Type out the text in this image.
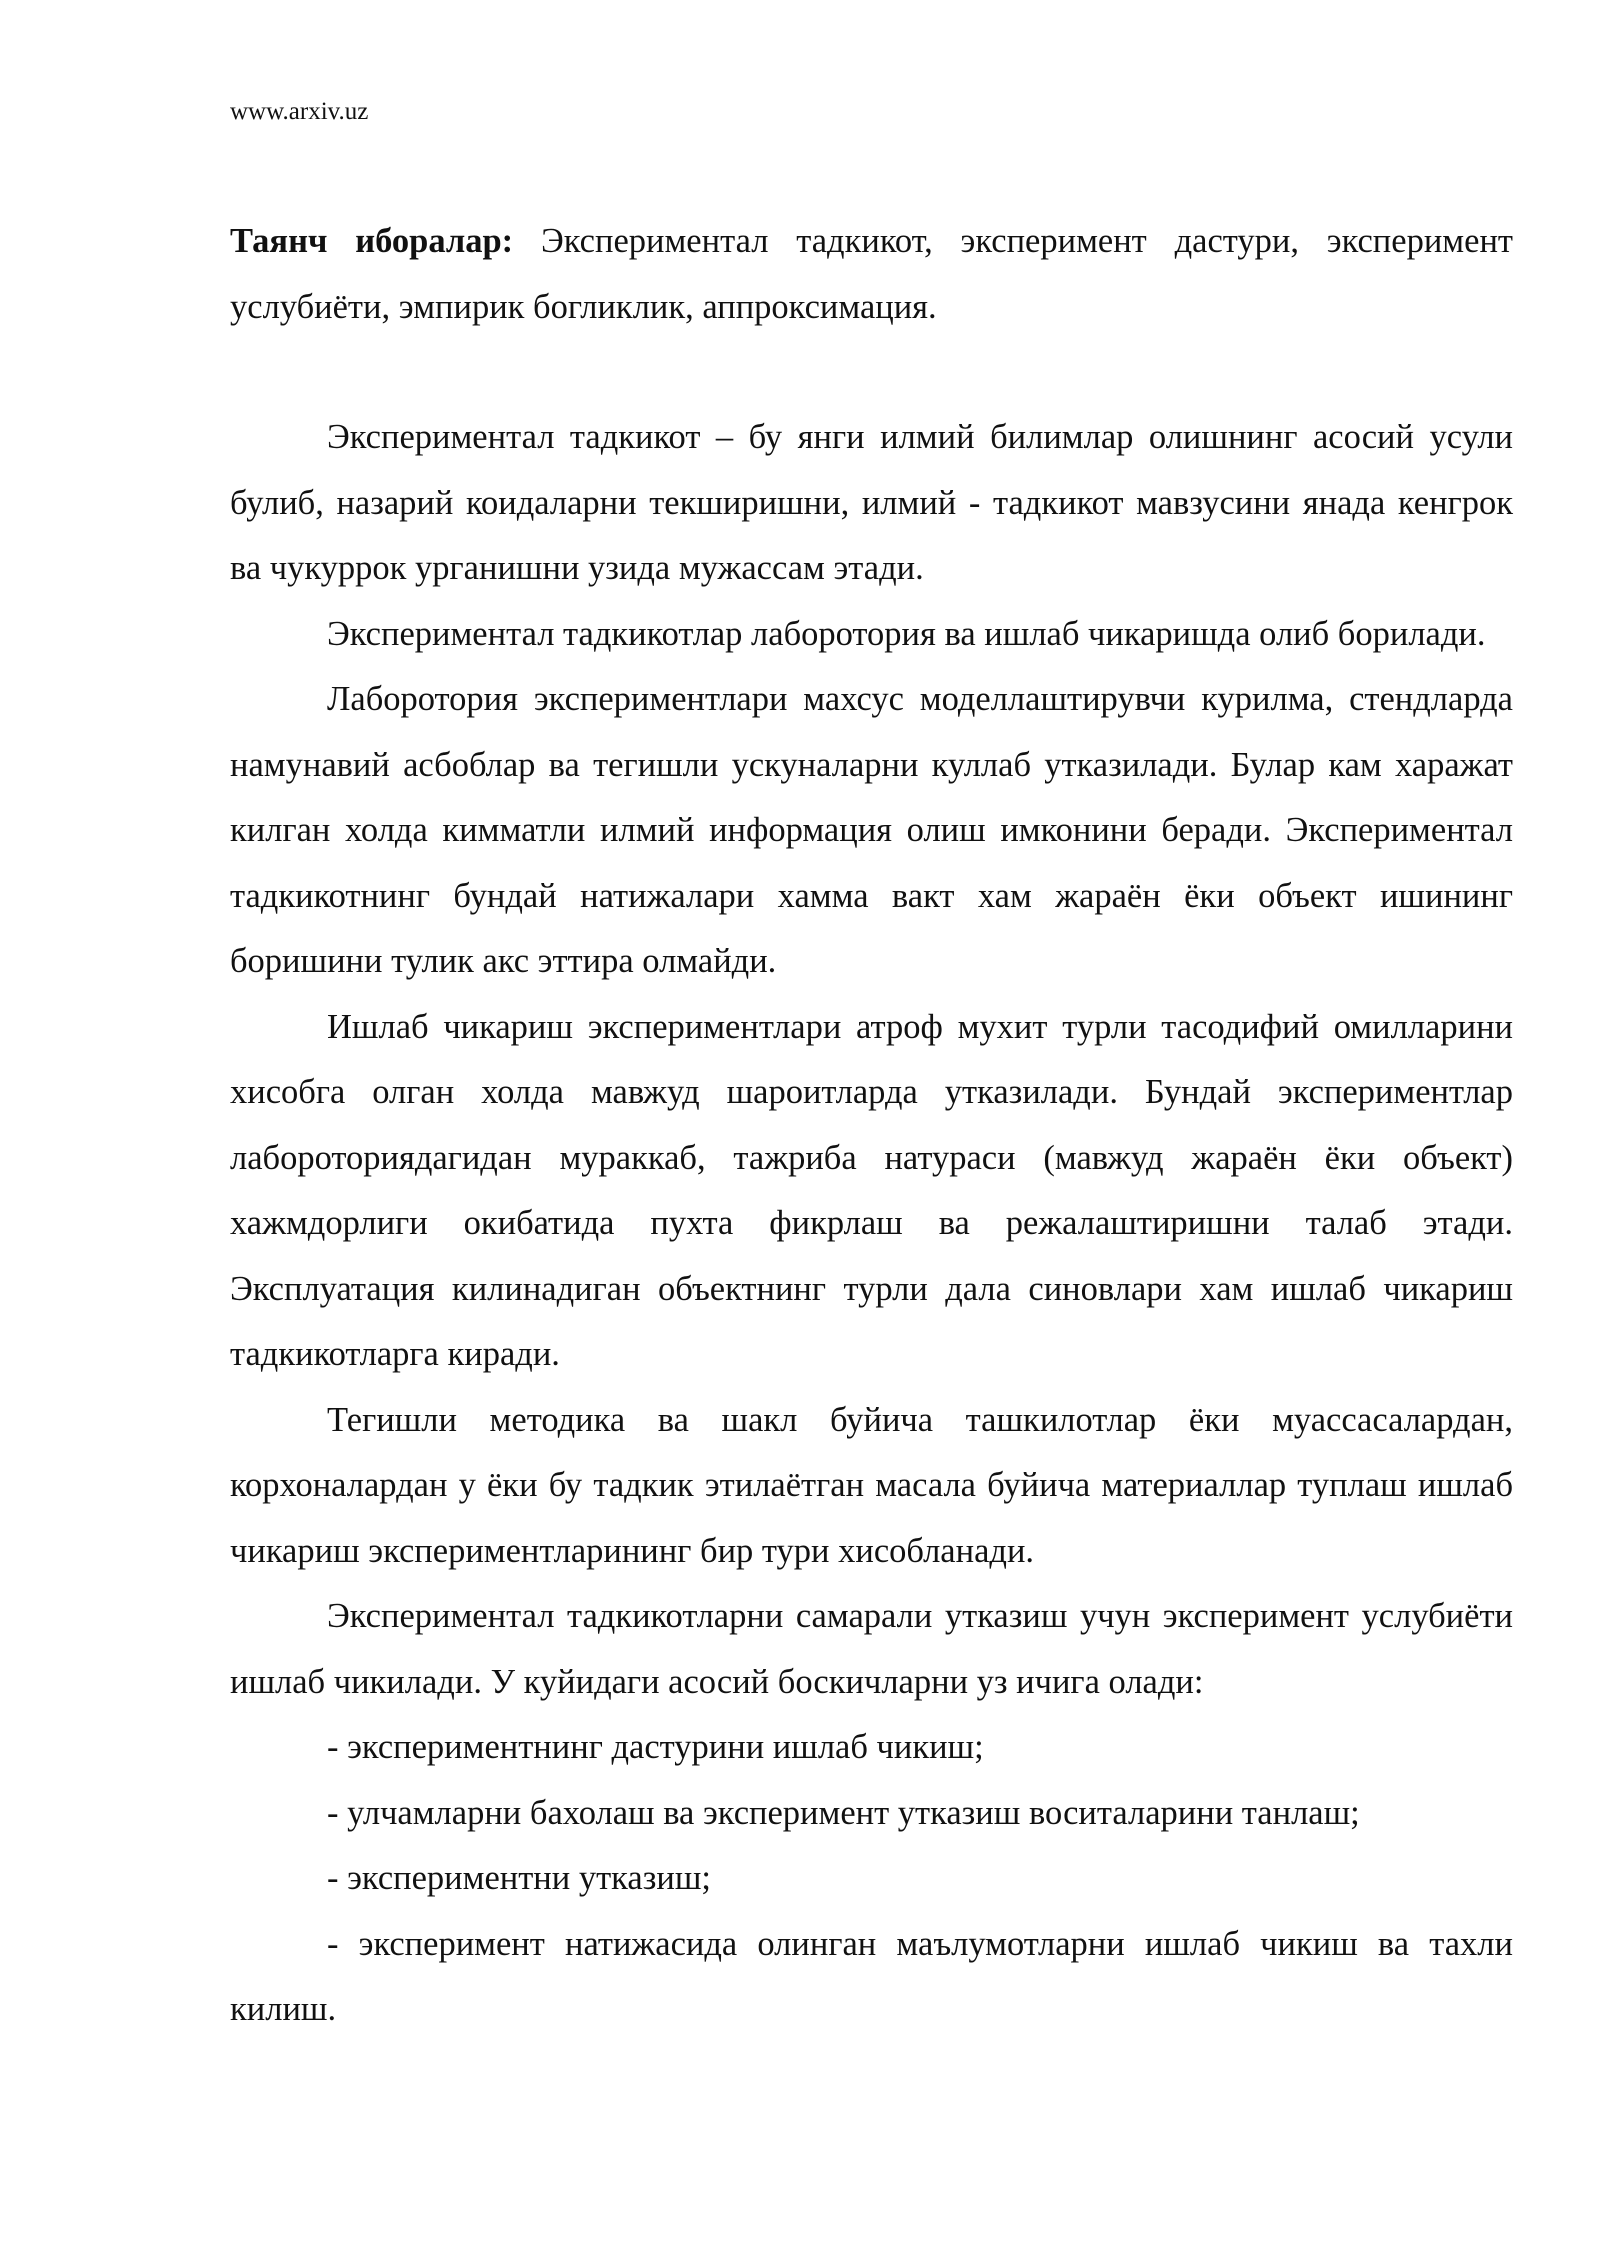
www.arxiv.uz

Таянч иборалар: Экспериментал тадкикот, эксперимент дастури, эксперимент услубиёти, эмпирик богликлик, аппроксимация.

Экспериментал тадкикот – бу янги илмий билимлар олишнинг асосий усули булиб, назарий коидаларни текширишни, илмий - тадкикот мавзусини янада кенгрок ва чукуррок урганишни узида мужассам этади.

Экспериментал тадкикотлар лаборотория ва ишлаб чикаришда олиб борилади.

Лаборотория экспериментлари махсус моделлаштирувчи курилма, стендларда намунавий асбоблар ва тегишли ускуналарни куллаб утказилади. Булар кам харажат килган холда кимматли илмий информация олиш имконини беради. Экспериментал тадкикотнинг бундай натижалари хамма вакт хам жараён ёки объект ишининг боришини тулик акс эттира олмайди.

Ишлаб чикариш экспериментлари атроф мухит турли тасодифий омилларини хисобга олган холда мавжуд шароитларда утказилади. Бундай экспериментлар лабороториядагидан мураккаб, тажриба натураси (мавжуд жараён ёки объект) хажмдорлиги окибатида пухта фикрлаш ва режалаштиришни талаб этади. Эксплуатация килинадиган объектнинг турли дала синовлари хам ишлаб чикариш тадкикотларга киради.

Тегишли методика ва шакл буйича ташкилотлар ёки муассасалардан, корхоналардан у ёки бу тадкик этилаётган масала буйича материаллар туплаш ишлаб чикариш экспериментларининг бир тури хисобланади.

Экспериментал тадкикотларни самарали утказиш учун эксперимент услубиёти ишлаб чикилади. У куйидаги асосий боскичларни уз ичига олади:

- экспериментнинг дастурини ишлаб чикиш;

- улчамларни бахолаш ва эксперимент утказиш воситаларини танлаш;

- экспериментни утказиш;

- эксперимент натижасида олинган маълумотларни ишлаб чикиш ва тахли килиш.
